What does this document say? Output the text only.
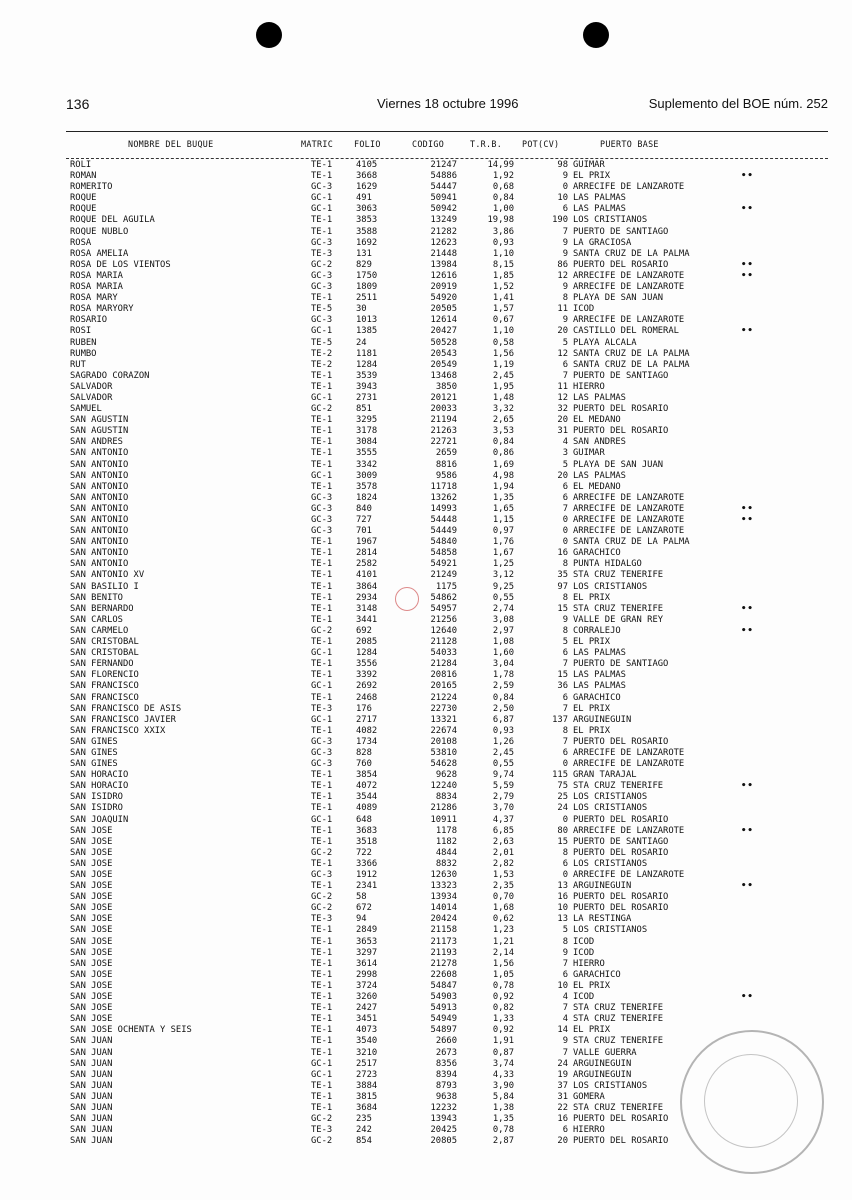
136	Viernes 18 octubre 1996	Suplemento del BOE núm. 252
NOMBRE DEL BUQUE	MATRIC FOLIO	CODIGO	T.R.B. POT(CV)	PUERTO BASE
ROLI	TE-1	4105	21247	14,99	98 GUIMAR
ROMAN	TE-1	3668	54886	1,92	9 EL PRIX	••
ROMERITO	GC-3	1629	54447	0,68	0 ARRECIFE DE LANZAROTE
ROQUE	GC-1	491	50941	0,84	10 LAS PALMAS
ROQUE	GC-1	3063	50942	1,00	6 LAS PALMAS	••
ROQUE DEL AGUILA	TE-1	3853	13249	19,98	190 LOS CRISTIANOS
ROQUE NUBLO	TE-1	3588	21282	3,86	7 PUERTO DE SANTIAGO
ROSA	GC-3	1692	12623	0,93	9 LA GRACIOSA
ROSA AMELIA	TE-3	131	21448	1,10	9 SANTA CRUZ DE LA PALMA
ROSA DE LOS VIENTOS	GC-2	829	13984	8,15	86 PUERTO DEL ROSARIO	••
ROSA MARIA	GC-3	1750	12616	1,85	12 ARRECIFE DE LANZAROTE	••
ROSA MARIA	GC-3	1809	20919	1,52	9 ARRECIFE DE LANZAROTE
ROSA MARY	TE-1	2511	54920	1,41	8 PLAYA DE SAN JUAN
ROSA MARYORY	TE-5	30	20505	1,57	11 ICOD
ROSARIO	GC-3	1013	12614	0,67	9 ARRECIFE DE LANZAROTE
ROSI	GC-1	1385	20427	1,10	20 CASTILLO DEL ROMERAL	••
RUBEN	TE-5	24	50528	0,58	5 PLAYA ALCALA
RUMBO	TE-2	1181	20543	1,56	12 SANTA CRUZ DE LA PALMA
RUT	TE-2	1284	20549	1,19	6 SANTA CRUZ DE LA PALMA
SAGRADO CORAZON	TE-1	3539	13468	2,45	7 PUERTO DE SANTIAGO
SALVADOR	TE-1	3943	3850	1,95	11 HIERRO
SALVADOR	GC-1	2731	20121	1,48	12 LAS PALMAS
SAMUEL	GC-2	851	20033	3,32	32 PUERTO DEL ROSARIO
SAN AGUSTIN	TE-1	3295	21194	2,65	20 EL MEDANO
SAN AGUSTIN	TE-1	3178	21263	3,53	31 PUERTO DEL ROSARIO
SAN ANDRES	TE-1	3084	22721	0,84	4 SAN ANDRES
SAN ANTONIO	TE-1	3555	2659	0,86	3 GUIMAR
SAN ANTONIO	TE-1	3342	8816	1,69	5 PLAYA DE SAN JUAN
SAN ANTONIO	GC-1	3009	9586	4,98	20 LAS PALMAS
SAN ANTONIO	TE-1	3578	11718	1,94	6 EL MEDANO
SAN ANTONIO	GC-3	1824	13262	1,35	6 ARRECIFE DE LANZAROTE
SAN ANTONIO	GC-3	840	14993	1,65	7 ARRECIFE DE LANZAROTE	••
SAN ANTONIO	GC-3	727	54448	1,15	0 ARRECIFE DE LANZAROTE	••
SAN ANTONIO	GC-3	701	54449	0,97	0 ARRECIFE DE LANZAROTE
SAN ANTONIO	TE-1	1967	54840	1,76	0 SANTA CRUZ DE LA PALMA
SAN ANTONIO	TE-1	2814	54858	1,67	16 GARACHICO
SAN ANTONIO	TE-1	2582	54921	1,25	8 PUNTA HIDALGO
SAN ANTONIO XV	TE-1	4101	21249	3,12	35 STA CRUZ TENERIFE
SAN BASILIO I	TE-1	3864	1175	9,25	97 LOS CRISTIANOS
SAN BENITO	TE-1	2934	54862	0,55	8 EL PRIX
SAN BERNARDO	TE-1	3148	54957	2,74	15 STA CRUZ TENERIFE	••
SAN CARLOS	TE-1	3441	21256	3,08	9 VALLE DE GRAN REY
SAN CARMELO	GC-2	692	12640	2,97	8 CORRALEJO	••
SAN CRISTOBAL	TE-1	2085	21128	1,08	5 EL PRIX
SAN CRISTOBAL	GC-1	1284	54033	1,60	6 LAS PALMAS
SAN FERNANDO	TE-1	3556	21284	3,04	7 PUERTO DE SANTIAGO
SAN FLORENCIO	TE-1	3392	20816	1,78	15 LAS PALMAS
SAN FRANCISCO	GC-1	2692	20165	2,59	36 LAS PALMAS
SAN FRANCISCO	TE-1	2468	21224	0,84	6 GARACHICO
SAN FRANCISCO DE ASIS	TE-3	176	22730	2,50	7 EL PRIX
SAN FRANCISCO JAVIER	GC-1	2717	13321	6,87	137 ARGUINEGUIN
SAN FRANCISCO XXIX	TE-1	4082	22674	0,93	8 EL PRIX
SAN GINES	GC-3	1734	20108	1,26	7 PUERTO DEL ROSARIO
SAN GINES	GC-3	828	53810	2,45	6 ARRECIFE DE LANZAROTE
SAN GINES	GC-3	760	54628	0,55	0 ARRECIFE DE LANZAROTE
SAN HORACIO	TE-1	3854	9628	9,74	115 GRAN TARAJAL
SAN HORACIO	TE-1	4072	12240	5,59	75 STA CRUZ TENERIFE	••
SAN ISIDRO	TE-1	3544	8834	2,79	25 LOS CRISTIANOS
SAN ISIDRO	TE-1	4089	21286	3,70	24 LOS CRISTIANOS
SAN JOAQUIN	GC-1	648	10911	4,37	0 PUERTO DEL ROSARIO
SAN JOSE	TE-1	3683	1178	6,85	80 ARRECIFE DE LANZAROTE	••
SAN JOSE	TE-1	3518	1182	2,63	15 PUERTO DE SANTIAGO
SAN JOSE	GC-2	722	4844	2,01	8 PUERTO DEL ROSARIO
SAN JOSE	TE-1	3366	8832	2,82	6 LOS CRISTIANOS
SAN JOSE	GC-3	1912	12630	1,53	0 ARRECIFE DE LANZAROTE
SAN JOSE	TE-1	2341	13323	2,35	13 ARGUINEGUIN	••
SAN JOSE	GC-2	58	13934	0,70	16 PUERTO DEL ROSARIO
SAN JOSE	GC-2	672	14014	1,68	10 PUERTO DEL ROSARIO
SAN JOSE	TE-3	94	20424	0,62	13 LA RESTINGA
SAN JOSE	TE-1	2849	21158	1,23	5 LOS CRISTIANOS
SAN JOSE	TE-1	3653	21173	1,21	8 ICOD
SAN JOSE	TE-1	3297	21193	2,14	9 ICOD
SAN JOSE	TE-1	3614	21278	1,56	7 HIERRO
SAN JOSE	TE-1	2998	22608	1,05	6 GARACHICO
SAN JOSE	TE-1	3724	54847	0,78	10 EL PRIX
SAN JOSE	TE-1	3260	54903	0,92	4 ICOD	••
SAN JOSE	TE-1	2427	54913	0,82	7 STA CRUZ TENERIFE
SAN JOSE	TE-1	3451	54949	1,33	4 STA CRUZ TENERIFE
SAN JOSE OCHENTA Y SEIS	TE-1	4073	54897	0,92	14 EL PRIX
SAN JUAN	TE-1	3540	2660	1,91	9 STA CRUZ TENERIFE
SAN JUAN	TE-1	3210	2673	0,87	7 VALLE GUERRA
SAN JUAN	GC-1	2517	8356	3,74	24 ARGUINEGUIN
SAN JUAN	GC-1	2723	8394	4,33	19 ARGUINEGUIN
SAN JUAN	TE-1	3884	8793	3,90	37 LOS CRISTIANOS
SAN JUAN	TE-1	3815	9638	5,84	31 GOMERA
SAN JUAN	TE-1	3684	12232	1,38	22 STA CRUZ TENERIFE
SAN JUAN	GC-2	235	13943	1,35	16 PUERTO DEL ROSARIO
SAN JUAN	TE-3	242	20425	0,78	6 HIERRO
SAN JUAN	GC-2	854	20805	2,87	20 PUERTO DEL ROSARIO
